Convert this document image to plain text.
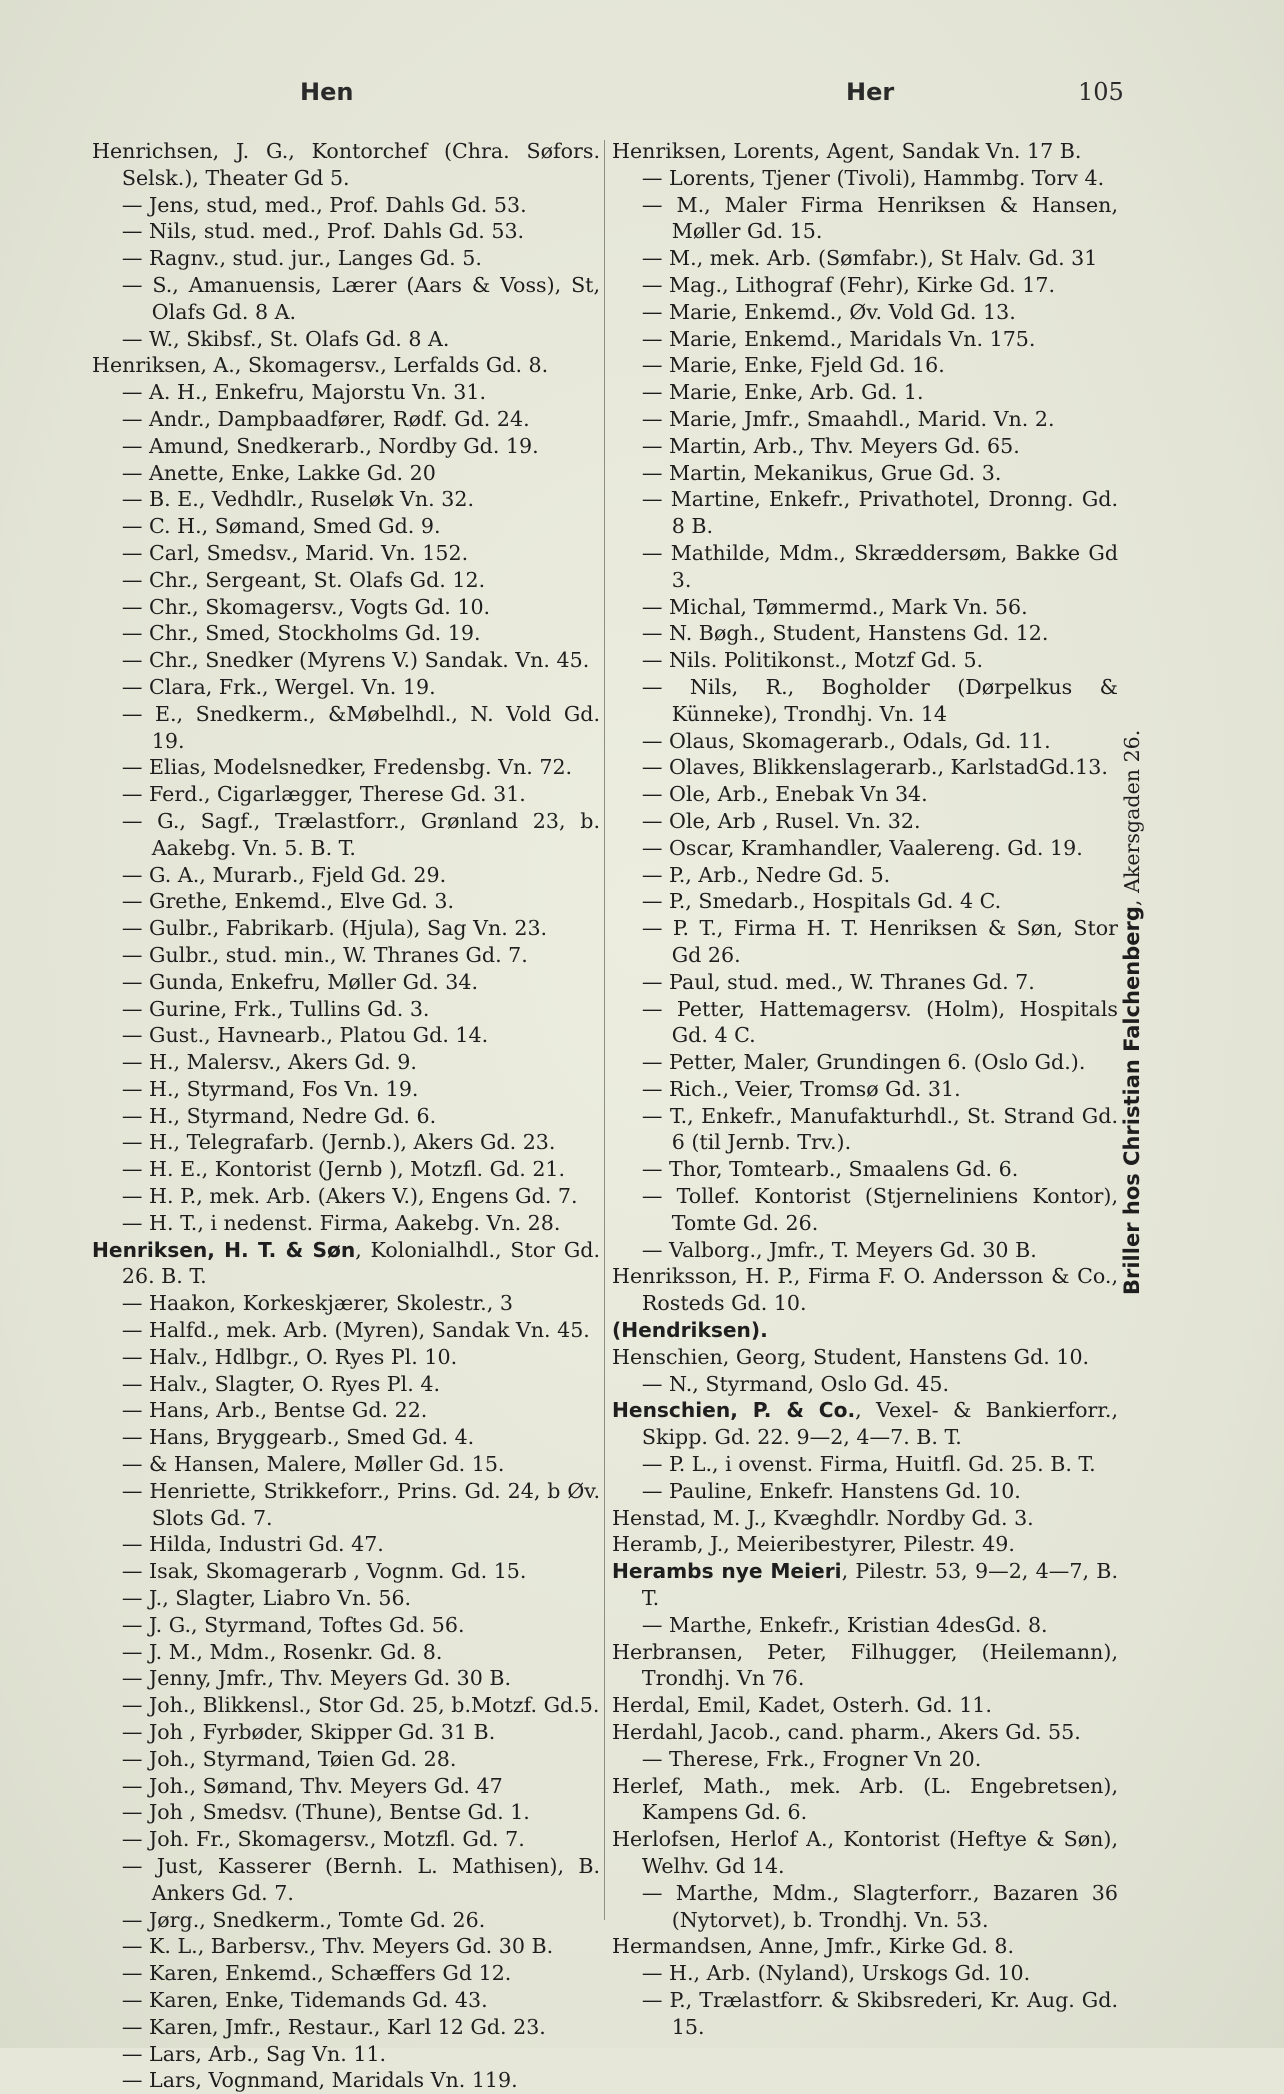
Hen	Her	105
Henrichsen, J. G., Kontorchef (Chra. Søfors. Selsk.), Theater Gd 5.
— Jens, stud, med., Prof. Dahls Gd. 53.
— Nils, stud. med., Prof. Dahls Gd. 53.
— Ragnv., stud. jur., Langes Gd. 5.
— S., Amanuensis, Lærer (Aars & Voss), St, Olafs Gd. 8 A.
— W., Skibsf., St. Olafs Gd. 8 A.
Henriksen, A., Skomagersv., Lerfalds Gd. 8.
— A. H., Enkefru, Majorstu Vn. 31.
— Andr., Dampbaadfører, Rødf. Gd. 24.
— Amund, Snedkerarb., Nordby Gd. 19.
— Anette, Enke, Lakke Gd. 20
— B. E., Vedhdlr., Ruseløk Vn. 32.
— C. H., Sømand, Smed Gd. 9.
— Carl, Smedsv., Marid. Vn. 152.
— Chr., Sergeant, St. Olafs Gd. 12.
— Chr., Skomagersv., Vogts Gd. 10.
— Chr., Smed, Stockholms Gd. 19.
— Chr., Snedker (Myrens V.) Sandak. Vn. 45.
— Clara, Frk., Wergel. Vn. 19.
— E., Snedkerm., &Møbelhdl., N. Vold Gd. 19.
— Elias, Modelsnedker, Fredensbg. Vn. 72.
— Ferd., Cigarlægger, Therese Gd. 31.
— G., Sagf., Trælastforr., Grønland 23, b. Aakebg. Vn. 5. B. T.
— G. A., Murarb., Fjeld Gd. 29.
— Grethe, Enkemd., Elve Gd. 3.
— Gulbr., Fabrikarb. (Hjula), Sag Vn. 23.
— Gulbr., stud. min., W. Thranes Gd. 7.
— Gunda, Enkefru, Møller Gd. 34.
— Gurine, Frk., Tullins Gd. 3.
— Gust., Havnearb., Platou Gd. 14.
— H., Malersv., Akers Gd. 9.
— H., Styrmand, Fos Vn. 19.
— H., Styrmand, Nedre Gd. 6.
— H., Telegrafarb. (Jernb.), Akers Gd. 23.
— H. E., Kontorist (Jernb ), Motzfl. Gd. 21.
— H. P., mek. Arb. (Akers V.), Engens Gd. 7.
— H. T., i nedenst. Firma, Aakebg. Vn. 28.
Henriksen, H. T. & Søn, Kolonialhdl., Stor Gd. 26. B. T.
— Haakon, Korkeskjærer, Skolestr., 3
— Halfd., mek. Arb. (Myren), Sandak Vn. 45.
— Halv., Hdlbgr., O. Ryes Pl. 10.
— Halv., Slagter, O. Ryes Pl. 4.
— Hans, Arb., Bentse Gd. 22.
— Hans, Bryggearb., Smed Gd. 4.
— & Hansen, Malere, Møller Gd. 15.
— Henriette, Strikkeforr., Prins. Gd. 24, b Øv. Slots Gd. 7.
— Hilda, Industri Gd. 47.
— Isak, Skomagerarb , Vognm. Gd. 15.
— J., Slagter, Liabro Vn. 56.
— J. G., Styrmand, Toftes Gd. 56.
— J. M., Mdm., Rosenkr. Gd. 8.
— Jenny, Jmfr., Thv. Meyers Gd. 30 B.
— Joh., Blikkensl., Stor Gd. 25, b.Motzf. Gd.5.
— Joh , Fyrbøder, Skipper Gd. 31 B.
— Joh., Styrmand, Tøien Gd. 28.
— Joh., Sømand, Thv. Meyers Gd. 47
— Joh , Smedsv. (Thune), Bentse Gd. 1.
— Joh. Fr., Skomagersv., Motzfl. Gd. 7.
— Just, Kasserer (Bernh. L. Mathisen), B. Ankers Gd. 7.
— Jørg., Snedkerm., Tomte Gd. 26.
— K. L., Barbersv., Thv. Meyers Gd. 30 B.
— Karen, Enkemd., Schæffers Gd 12.
— Karen, Enke, Tidemands Gd. 43.
— Karen, Jmfr., Restaur., Karl 12 Gd. 23.
— Lars, Arb., Sag Vn. 11.
— Lars, Vognmand, Maridals Vn. 119.
Henriksen, Lorents, Agent, Sandak Vn. 17 B.
— Lorents, Tjener (Tivoli), Hammbg. Torv 4.
— M., Maler Firma Henriksen & Hansen, Møller Gd. 15.
— M., mek. Arb. (Sømfabr.), St Halv. Gd. 31
— Mag., Lithograf (Fehr), Kirke Gd. 17.
— Marie, Enkemd., Øv. Vold Gd. 13.
— Marie, Enkemd., Maridals Vn. 175.
— Marie, Enke, Fjeld Gd. 16.
— Marie, Enke, Arb. Gd. 1.
— Marie, Jmfr., Smaahdl., Marid. Vn. 2.
— Martin, Arb., Thv. Meyers Gd. 65.
— Martin, Mekanikus, Grue Gd. 3.
— Martine, Enkefr., Privathotel, Dronng. Gd. 8 B.
— Mathilde, Mdm., Skræddersøm, Bakke Gd 3.
— Michal, Tømmermd., Mark Vn. 56.
— N. Bøgh., Student, Hanstens Gd. 12.
— Nils. Politikonst., Motzf Gd. 5.
— Nils, R., Bogholder (Dørpelkus & Künneke), Trondhj. Vn. 14
— Olaus, Skomagerarb., Odals, Gd. 11.
— Olaves, Blikkenslagerarb., KarlstadGd.13.
— Ole, Arb., Enebak Vn 34.
— Ole, Arb , Rusel. Vn. 32.
— Oscar, Kramhandler, Vaalereng. Gd. 19.
— P., Arb., Nedre Gd. 5.
— P., Smedarb., Hospitals Gd. 4 C.
— P. T., Firma H. T. Henriksen & Søn, Stor Gd 26.
— Paul, stud. med., W. Thranes Gd. 7.
— Petter, Hattemagersv. (Holm), Hospitals Gd. 4 C.
— Petter, Maler, Grundingen 6. (Oslo Gd.).
— Rich., Veier, Tromsø Gd. 31.
— T., Enkefr., Manufakturhdl., St. Strand Gd. 6 (til Jernb. Trv.).
— Thor, Tomtearb., Smaalens Gd. 6.
— Tollef. Kontorist (Stjerneliniens Kontor), Tomte Gd. 26.
— Valborg., Jmfr., T. Meyers Gd. 30 B.
Henriksson, H. P., Firma F. O. Andersson & Co., Rosteds Gd. 10.
(Hendriksen).
Henschien, Georg, Student, Hanstens Gd. 10.
— N., Styrmand, Oslo Gd. 45.
Henschien, P. & Co., Vexel- & Bankierforr., Skipp. Gd. 22. 9—2, 4—7. B. T.
— P. L., i ovenst. Firma, Huitfl. Gd. 25. B. T.
— Pauline, Enkefr. Hanstens Gd. 10.
Henstad, M. J., Kvæghdlr. Nordby Gd. 3.
Heramb, J., Meieribestyrer, Pilestr. 49.
Herambs nye Meieri, Pilestr. 53, 9—2, 4—7, B. T.
— Marthe, Enkefr., Kristian 4desGd. 8.
Herbransen, Peter, Filhugger, (Heilemann), Trondhj. Vn 76.
Herdal, Emil, Kadet, Osterh. Gd. 11.
Herdahl, Jacob., cand. pharm., Akers Gd. 55.
— Therese, Frk., Frogner Vn 20.
Herlef, Math., mek. Arb. (L. Engebretsen), Kampens Gd. 6.
Herlofsen, Herlof A., Kontorist (Heftye & Søn), Welhv. Gd 14.
— Marthe, Mdm., Slagterforr., Bazaren 36 (Nytorvet), b. Trondhj. Vn. 53.
Hermandsen, Anne, Jmfr., Kirke Gd. 8.
— H., Arb. (Nyland), Urskogs Gd. 10.
— P., Trælastforr. & Skibsrederi, Kr. Aug. Gd. 15.
Briller hos Christian Falchenberg, Akersgaden 26.
